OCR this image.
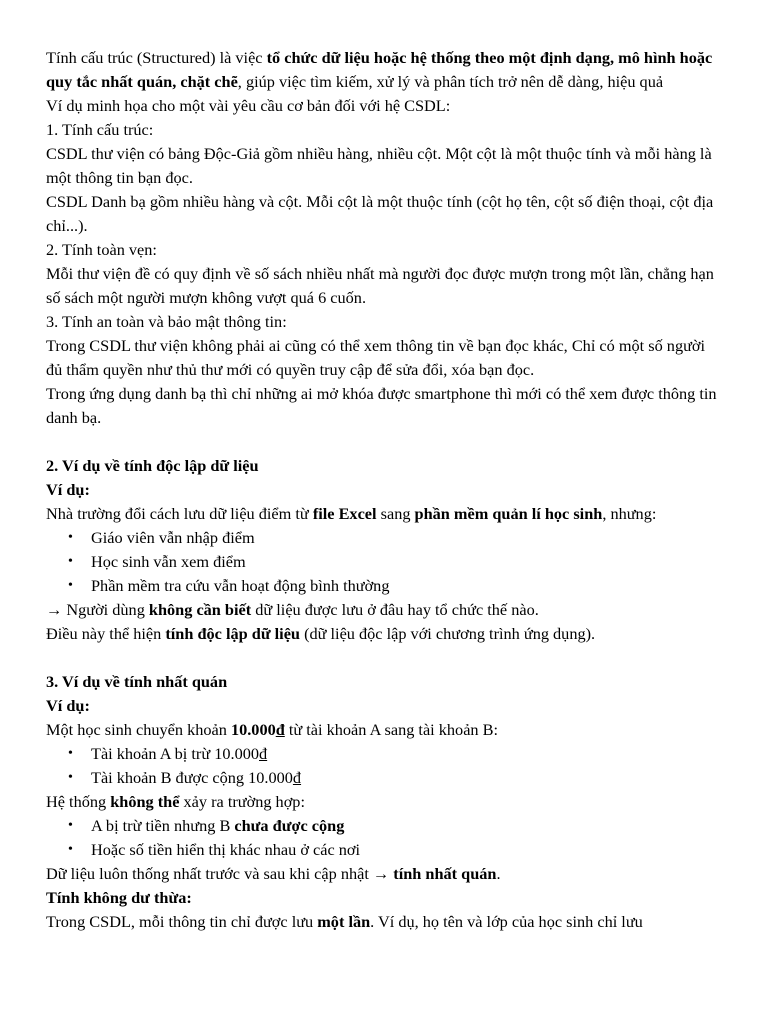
Tính cấu trúc (Structured) là việc tổ chức dữ liệu hoặc hệ thống theo một định dạng, mô hình hoặc quy tắc nhất quán, chặt chẽ, giúp việc tìm kiếm, xử lý và phân tích trở nên dễ dàng, hiệu quả

Ví dụ minh họa cho một vài yêu cầu cơ bản đối với hệ CSDL:

1. Tính cấu trúc:

CSDL thư viện có bảng Độc-Giả gồm nhiều hàng, nhiều cột. Một cột là một thuộc tính và mỗi hàng là một thông tin bạn đọc.

CSDL Danh bạ gồm nhiều hàng và cột. Mỗi cột là một thuộc tính (cột họ tên, cột số điện thoại, cột địa chỉ...).

2. Tính toàn vẹn:

Mỗi thư viện đề có quy định về số sách nhiều nhất mà người đọc được mượn trong một lần, chẳng hạn số sách một người mượn không vượt quá 6 cuốn.

3. Tính an toàn và bảo mật thông tin:

Trong CSDL thư viện không phải ai cũng có thể xem thông tin về bạn đọc khác, Chỉ có một số người đủ thẩm quyền như thủ thư mới có quyền truy cập để sửa đổi, xóa bạn đọc.

Trong ứng dụng danh bạ thì chỉ những ai mở khóa được smartphone thì mới có thể xem được thông tin danh bạ.

2. Ví dụ về tính độc lập dữ liệu

Ví dụ:

Nhà trường đổi cách lưu dữ liệu điểm từ file Excel sang phần mềm quản lí học sinh, nhưng:

• Giáo viên vẫn nhập điểm
• Học sinh vẫn xem điểm
• Phần mềm tra cứu vẫn hoạt động bình thường

→ Người dùng không cần biết dữ liệu được lưu ở đâu hay tổ chức thế nào.

Điều này thể hiện tính độc lập dữ liệu (dữ liệu độc lập với chương trình ứng dụng).

3. Ví dụ về tính nhất quán

Ví dụ:

Một học sinh chuyển khoản 10.000đ từ tài khoản A sang tài khoản B:

• Tài khoản A bị trừ 10.000đ
• Tài khoản B được cộng 10.000đ

Hệ thống không thể xảy ra trường hợp:

• A bị trừ tiền nhưng B chưa được cộng
• Hoặc số tiền hiển thị khác nhau ở các nơi

Dữ liệu luôn thống nhất trước và sau khi cập nhật → tính nhất quán.

Tính không dư thừa:

Trong CSDL, mỗi thông tin chỉ được lưu một lần. Ví dụ, họ tên và lớp của học sinh chỉ lưu
